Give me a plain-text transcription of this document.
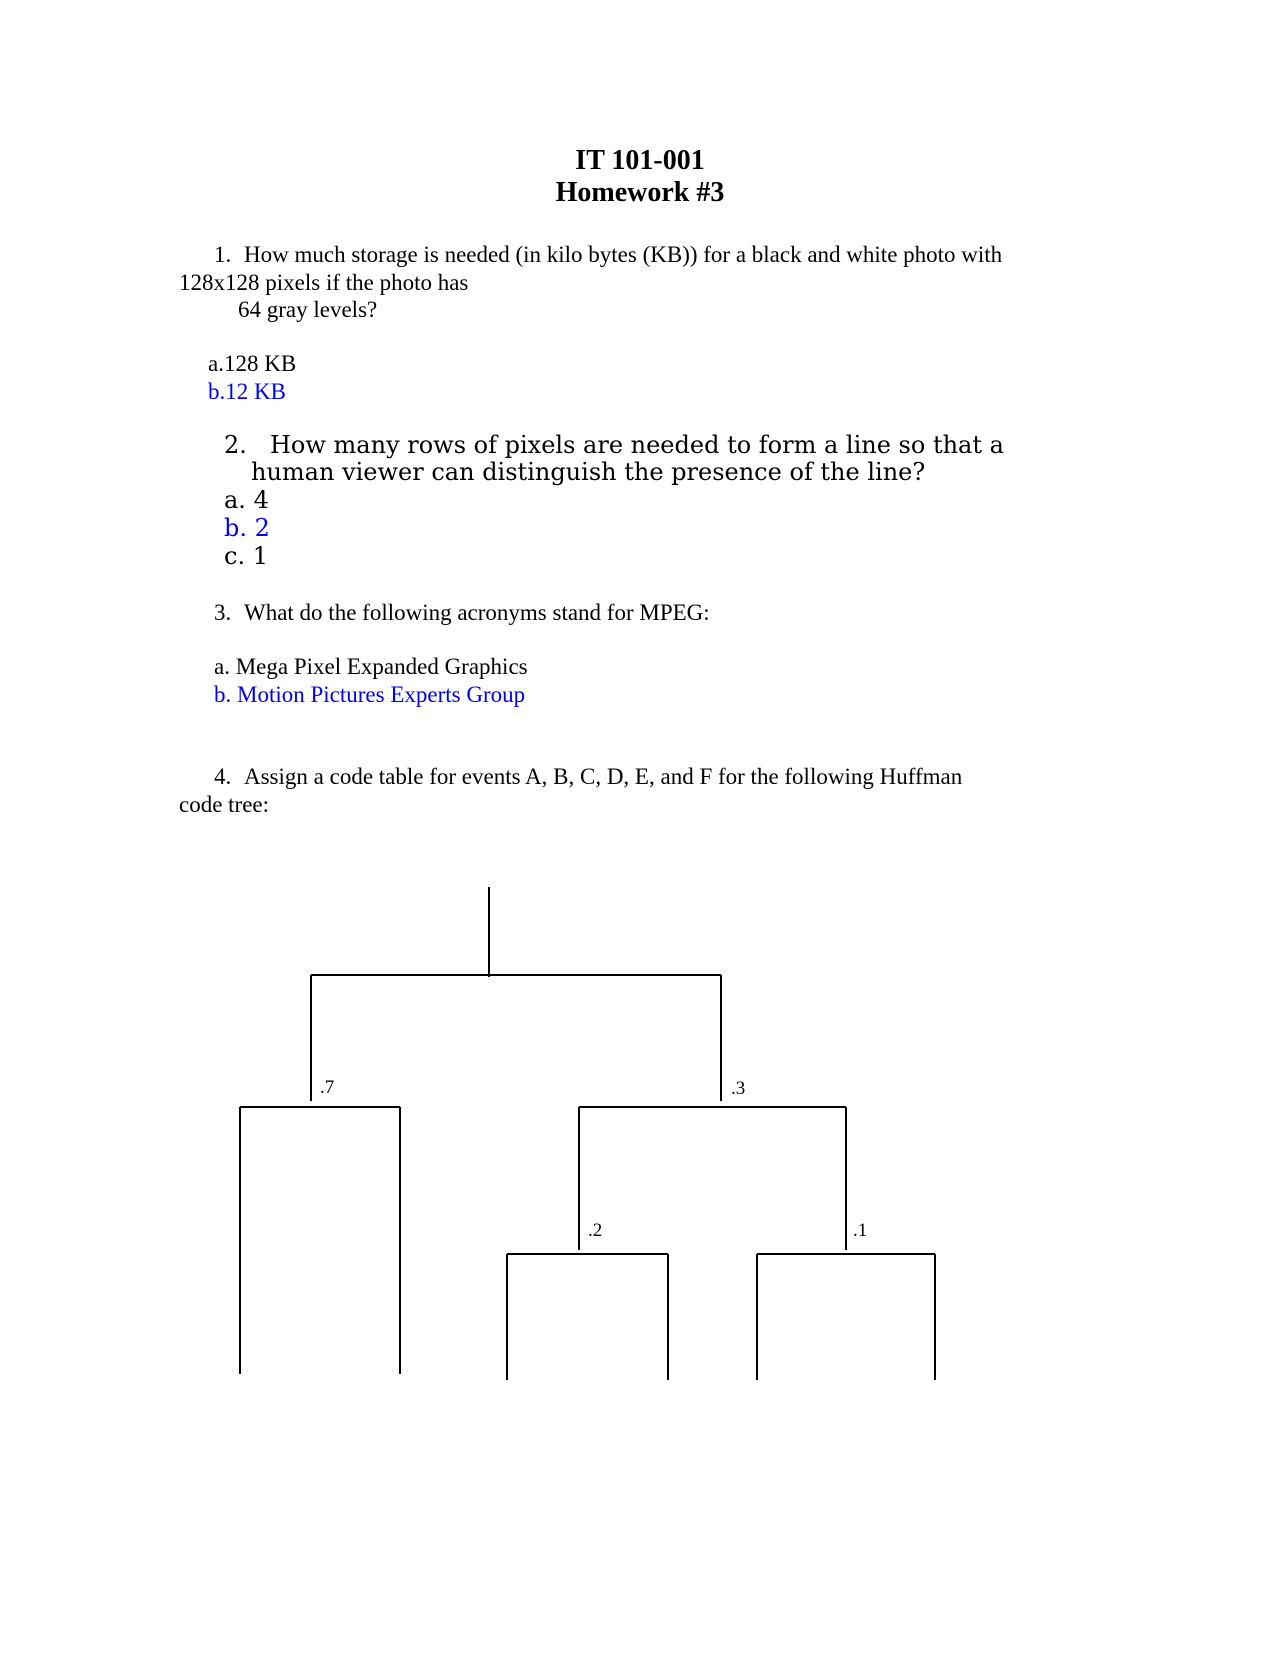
IT 101-001
Homework #3
1. How much storage is needed (in kilo bytes (KB)) for a black and white photo with
128x128 pixels if the photo has
64 gray levels?
a.128 KB
b.12 KB
2. How many rows of pixels are needed to form a line so that a
human viewer can distinguish the presence of the line?
a. 4
b. 2
c. 1
3. What do the following acronyms stand for MPEG:
a. Mega Pixel Expanded Graphics
b. Motion Pictures Experts Group
4. Assign a code table for events A, B, C, D, E, and F for the following Huffman
code tree:
.7	.3
.2	.1
